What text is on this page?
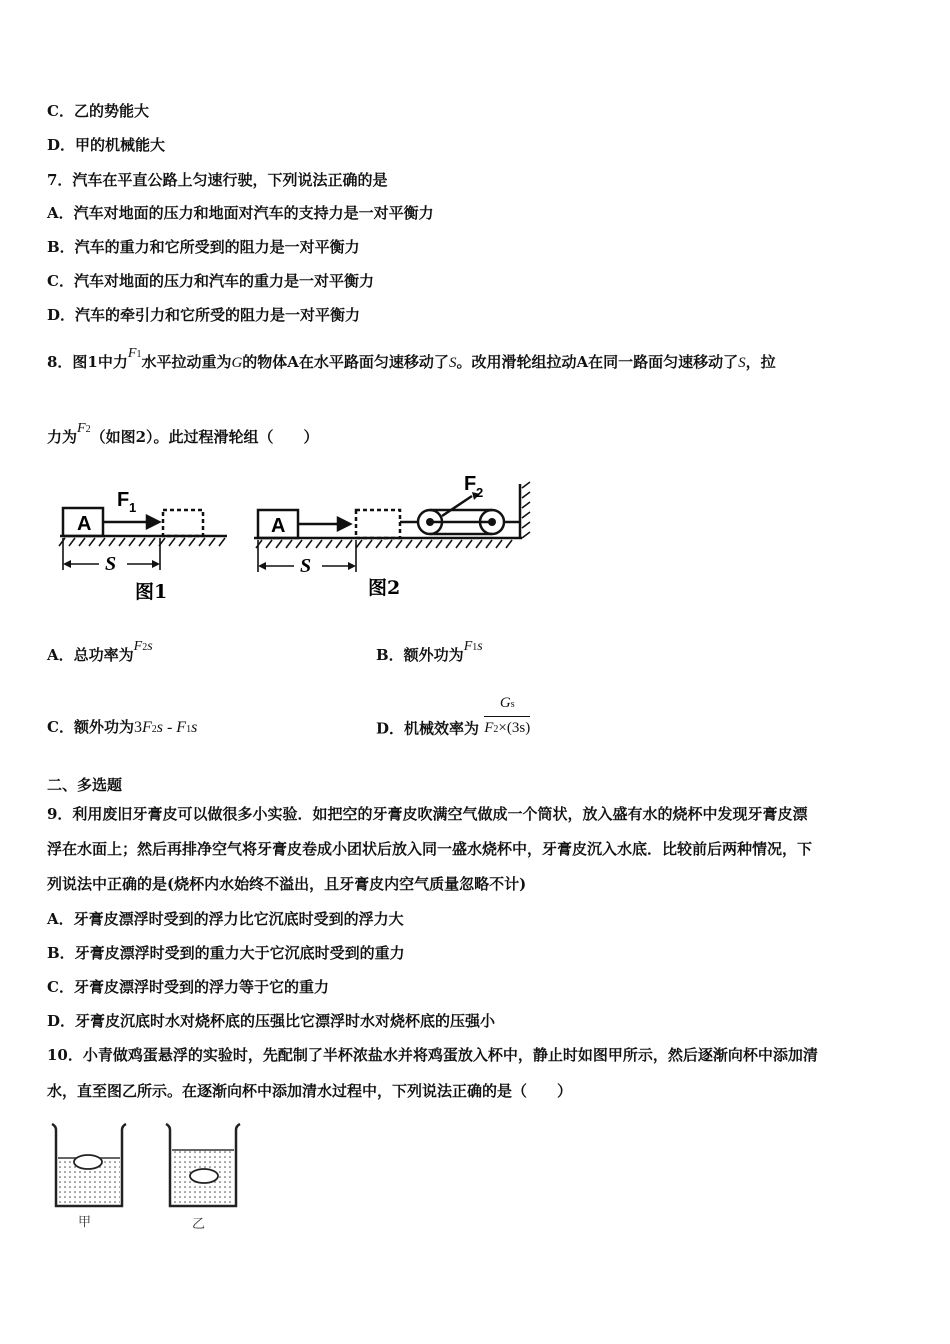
C．乙的势能大
D．甲的机械能大
7．汽车在平直公路上匀速行驶，下列说法正确的是
A．汽车对地面的压力和地面对汽车的支持力是一对平衡力
B．汽车的重力和它所受到的阻力是一对平衡力
C．汽车对地面的压力和汽车的重力是一对平衡力
D．汽车的牵引力和它所受的阻力是一对平衡力
8．图1中力F1水平拉动重为G的物体A在水平路面匀速移动了S。改用滑轮组拉动A在同一路面匀速移动了S，拉
力为F2（如图2）。此过程滑轮组（　　）
A
F 1
S
图1
A
F 2
S
图2
A．总功率为F2s	B．额外功为F1s
C．额外功为3F2s - F1s	D．机械效率为 $\frac{Gs}{F2\times(3s)}$
二、多选题
9．利用废旧牙膏皮可以做很多小实验．如把空的牙膏皮吹满空气做成一个筒状，放入盛有水的烧杯中发现牙膏皮漂
浮在水面上；然后再排净空气将牙膏皮卷成小团状后放入同一盛水烧杯中，牙膏皮沉入水底．比较前后两种情况，下
列说法中正确的是(烧杯内水始终不溢出，且牙膏皮内空气质量忽略不计)
A．牙膏皮漂浮时受到的浮力比它沉底时受到的浮力大
B．牙膏皮漂浮时受到的重力大于它沉底时受到的重力
C．牙膏皮漂浮时受到的浮力等于它的重力
D．牙膏皮沉底时水对烧杯底的压强比它漂浮时水对烧杯底的压强小
10．小青做鸡蛋悬浮的实验时，先配制了半杯浓盐水并将鸡蛋放入杯中，静止时如图甲所示，然后逐渐向杯中添加清
水，直至图乙所示。在逐渐向杯中添加清水过程中，下列说法正确的是（　　）
甲	乙
